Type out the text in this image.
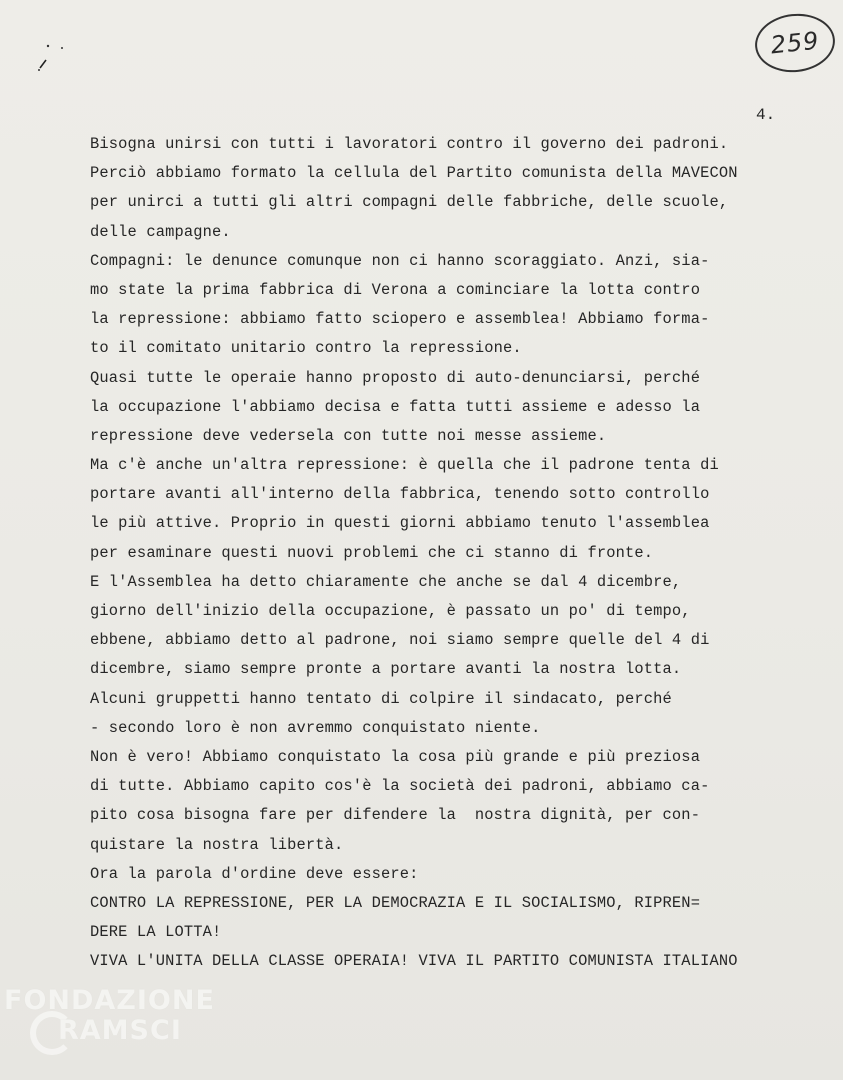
259
4.
Bisogna unirsi con tutti i lavoratori contro il governo dei padroni.
Perciò abbiamo formato la cellula del Partito comunista della MAVECON
per unirci a tutti gli altri compagni delle fabbriche, delle scuole,
delle campagne.
Compagni: le denunce comunque non ci hanno scoraggiato. Anzi, sia-
mo state la prima fabbrica di Verona a cominciare la lotta contro
la repressione: abbiamo fatto sciopero e assemblea! Abbiamo forma-
to il comitato unitario contro la repressione.
Quasi tutte le operaie hanno proposto di auto-denunciarsi, perché
la occupazione l'abbiamo decisa e fatta tutti assieme e adesso la
repressione deve vedersela con tutte noi messe assieme.
Ma c'è anche un'altra repressione: è quella che il padrone tenta di
portare avanti all'interno della fabbrica, tenendo sotto controllo
le più attive. Proprio in questi giorni abbiamo tenuto l'assemblea
per esaminare questi nuovi problemi che ci stanno di fronte.
E l'Assemblea ha detto chiaramente che anche se dal 4 dicembre,
giorno dell'inizio della occupazione, è passato un po' di tempo,
ebbene, abbiamo detto al padrone, noi siamo sempre quelle del 4 di
dicembre, siamo sempre pronte a portare avanti la nostra lotta.
Alcuni gruppetti hanno tentato di colpire il sindacato, perché
- secondo loro è non avremmo conquistato niente.
Non è vero! Abbiamo conquistato la cosa più grande e più preziosa
di tutte. Abbiamo capito cos'è la società dei padroni, abbiamo ca-
pito cosa bisogna fare per difendere la  nostra dignità, per con-
quistare la nostra libertà.
Ora la parola d'ordine deve essere:
CONTRO LA REPRESSIONE, PER LA DEMOCRAZIA E IL SOCIALISMO, RIPREN=
DERE LA LOTTA!
VIVA L'UNITA DELLA CLASSE OPERAIA! VIVA IL PARTITO COMUNISTA ITALIANO
FONDAZIONE
RAMSCI
